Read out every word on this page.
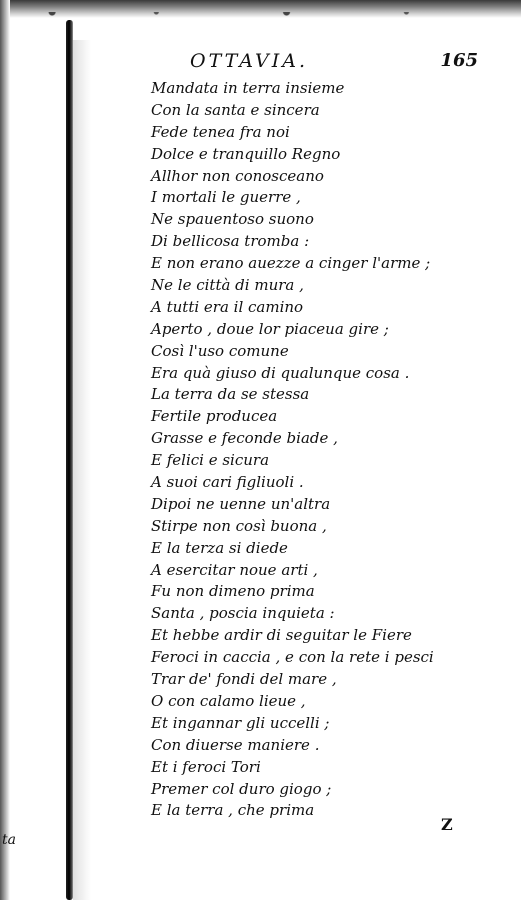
OTTAVIA.	165
Mandata in terra insieme
Con la santa e sincera
Fede tenea fra noi
Dolce e tranquillo Regno
Allhor non conosceano
I mortali le guerre ,
Ne spauentoso suono
Di bellicosa tromba :
E non erano auezze a cinger l'arme ;
Ne le città di mura ,
A tutti era il camino
Aperto , doue lor piaceua gire ;
Così l'uso comune
Era quà giuso di qualunque cosa .
La terra da se stessa
Fertile producea
Grasse e feconde biade ,
E felici e sicura
A suoi cari figliuoli .
Dipoi ne uenne un'altra
Stirpe non così buona ,
E la terza si diede
A esercitar noue arti ,
Fu non dimeno prima
Santa , poscia inquieta :
Et hebbe ardir di seguitar le Fiere
Feroci in caccia , e con la rete i pesci
Trar de' fondi del mare ,
O con calamo lieue ,
Et ingannar gli uccelli ;
Con diuerse maniere .
Et i feroci Tori
Premer col duro giogo ;
E la terra , che prima
Z
ta
